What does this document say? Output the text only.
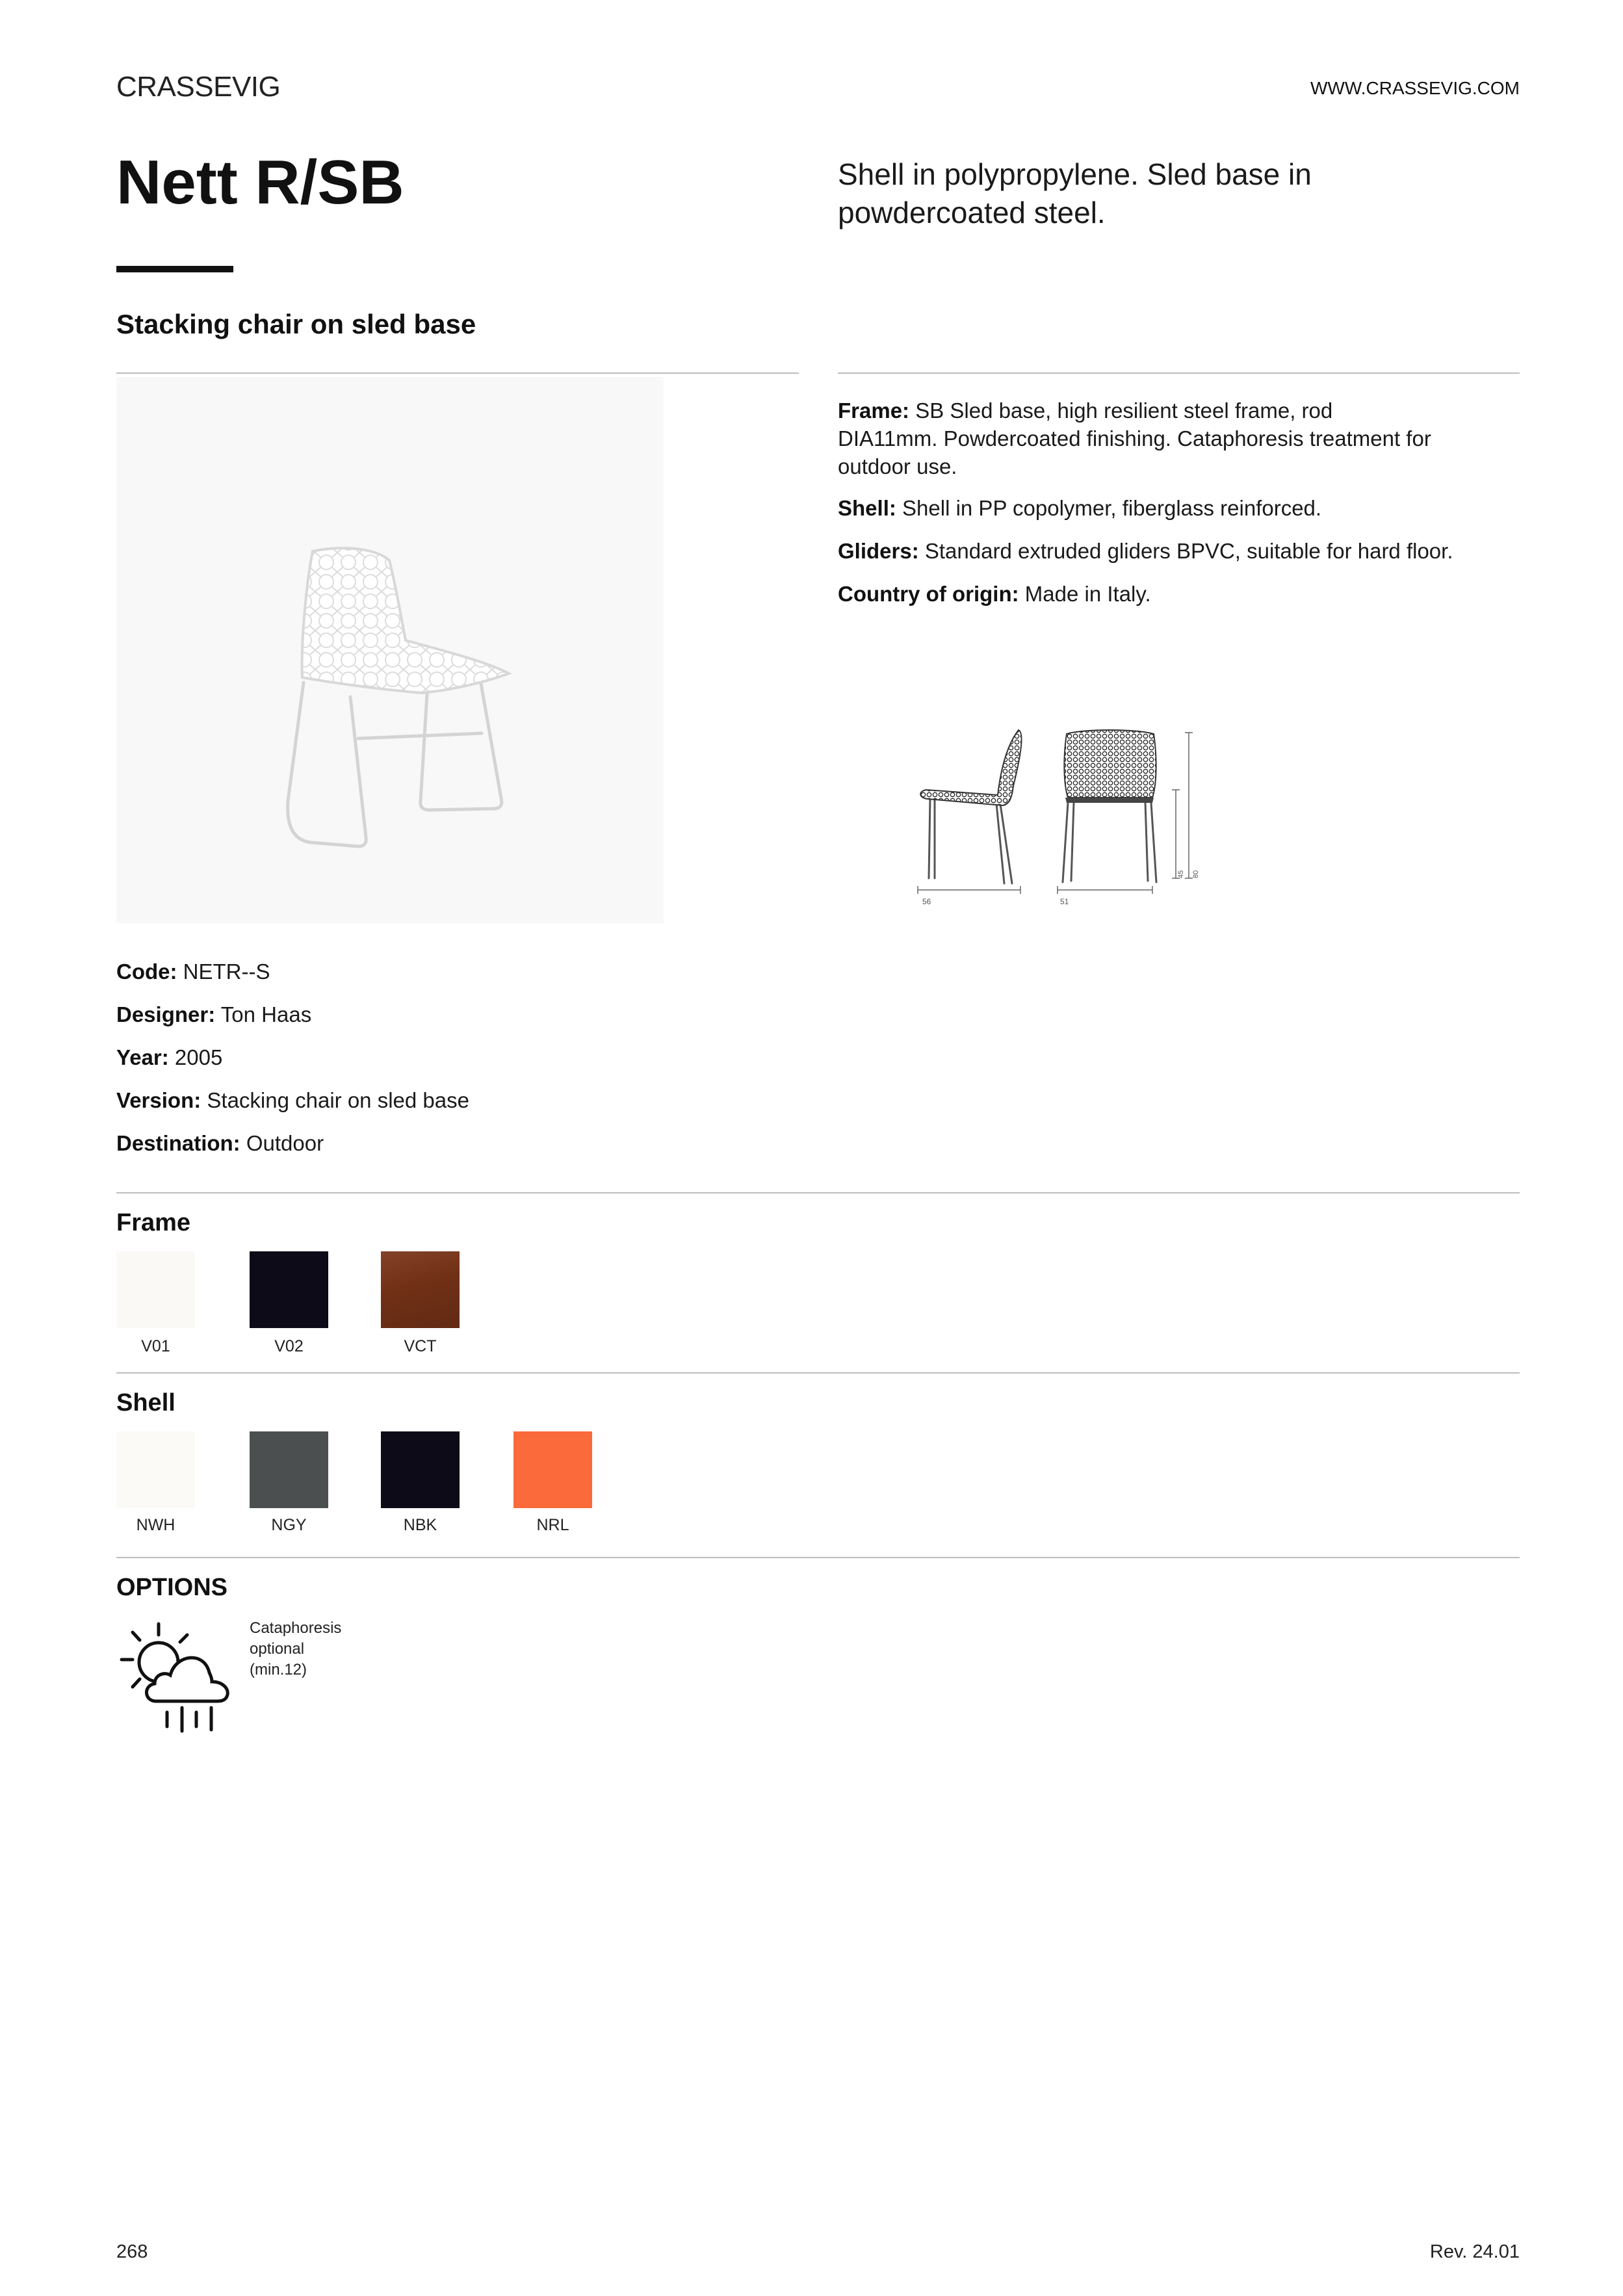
CRASSEVIG	WWW.CRASSEVIG.COM
Nett R/SB	Shell in polypropylene. Sled base in
powdercoated steel.
Stacking chair on sled base

Frame: SB Sled base, high resilient steel frame, rod
DIA11mm. Powdercoated finishing. Cataphoresis treatment for
outdoor use.

Shell: Shell in PP copolymer, fiberglass reinforced.

Gliders: Standard extruded gliders BPVC, suitable for hard floor.

Country of origin: Made in Italy.

56	51
45 80
Code: NETR--S
Designer: Ton Haas
Year: 2005
Version: Stacking chair on sled base
Destination: Outdoor
Frame
V01	V02	VCT
Shell
NWH	NGY	NBK	NRL
OPTIONS
Cataphoresis
optional
(min.12)
268	Rev. 24.01
